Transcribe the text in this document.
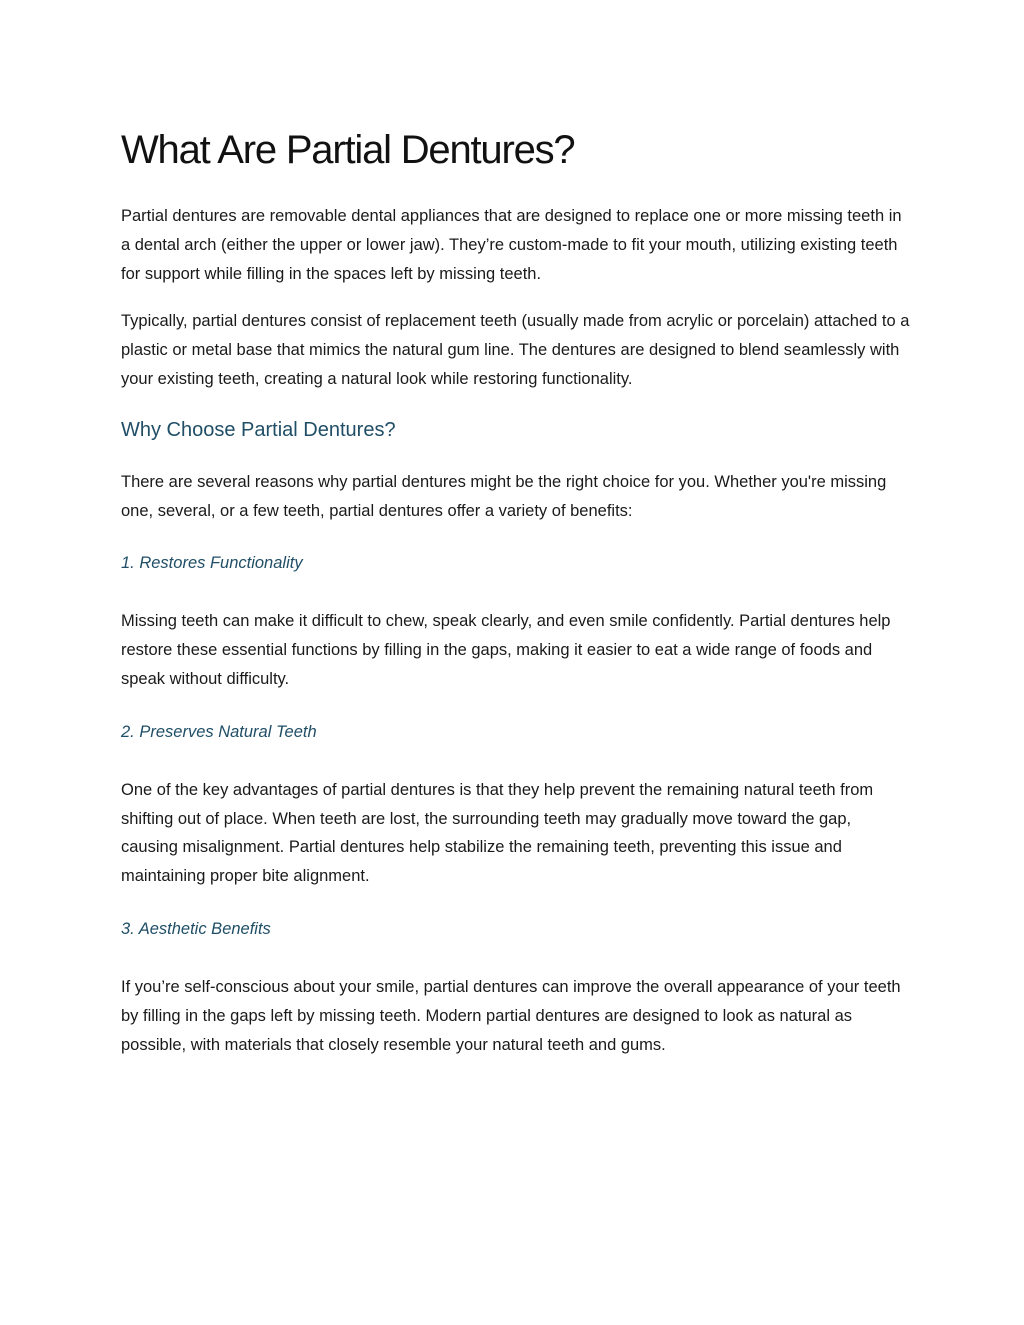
What Are Partial Dentures?

Partial dentures are removable dental appliances that are designed to replace one or more missing teeth in a dental arch (either the upper or lower jaw). They’re custom-made to fit your mouth, utilizing existing teeth for support while filling in the spaces left by missing teeth.

Typically, partial dentures consist of replacement teeth (usually made from acrylic or porcelain) attached to a plastic or metal base that mimics the natural gum line. The dentures are designed to blend seamlessly with your existing teeth, creating a natural look while restoring functionality.

Why Choose Partial Dentures?

There are several reasons why partial dentures might be the right choice for you. Whether you're missing one, several, or a few teeth, partial dentures offer a variety of benefits:

1. Restores Functionality

Missing teeth can make it difficult to chew, speak clearly, and even smile confidently. Partial dentures help restore these essential functions by filling in the gaps, making it easier to eat a wide range of foods and speak without difficulty.

2. Preserves Natural Teeth

One of the key advantages of partial dentures is that they help prevent the remaining natural teeth from shifting out of place. When teeth are lost, the surrounding teeth may gradually move toward the gap, causing misalignment. Partial dentures help stabilize the remaining teeth, preventing this issue and maintaining proper bite alignment.

3. Aesthetic Benefits

If you’re self-conscious about your smile, partial dentures can improve the overall appearance of your teeth by filling in the gaps left by missing teeth. Modern partial dentures are designed to look as natural as possible, with materials that closely resemble your natural teeth and gums.
